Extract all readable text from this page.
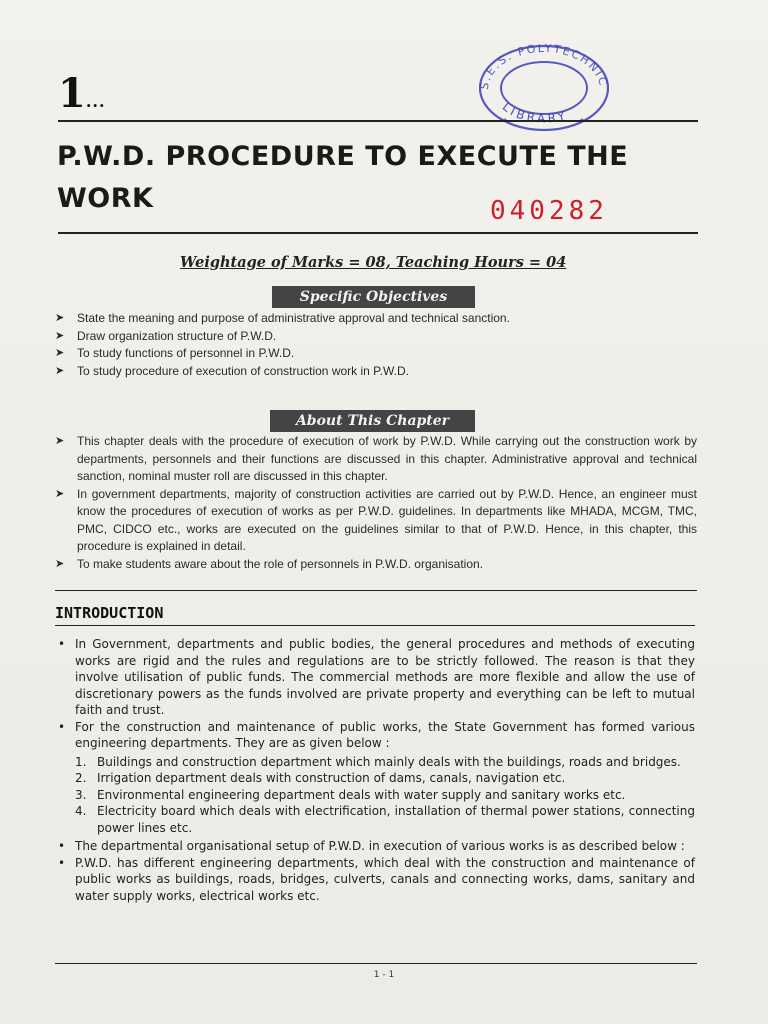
1...
S.E.S. POLYTECHNIC
LIBRARY
*	*
P.W.D. PROCEDURE TO EXECUTE THE
WORK	040282
Weightage of Marks = 08, Teaching Hours = 04
Specific Objectives
➤ State the meaning and purpose of administrative approval and technical sanction.
➤ Draw organization structure of P.W.D.
➤ To study functions of personnel in P.W.D.
➤ To study procedure of execution of construction work in P.W.D.
About This Chapter
➤ This chapter deals with the procedure of execution of work by P.W.D. While carrying out the construction work by departments, personnels and their functions are discussed in this chapter. Administrative approval and technical sanction, nominal muster roll are discussed in this chapter.
➤ In government departments, majority of construction activities are carried out by P.W.D. Hence, an engineer must know the procedures of execution of works as per P.W.D. guidelines. In departments like MHADA, MCGM, TMC, PMC, CIDCO etc., works are executed on the guidelines similar to that of P.W.D. Hence, in this chapter, this procedure is explained in detail.
➤ To make students aware about the role of personnels in P.W.D. organisation.
INTRODUCTION
• In Government, departments and public bodies, the general procedures and methods of executing works are rigid and the rules and regulations are to be strictly followed. The reason is that they involve utilisation of public funds. The commercial methods are more flexible and allow the use of discretionary powers as the funds involved are private property and everything can be left to mutual faith and trust.
• For the construction and maintenance of public works, the State Government has formed various engineering departments. They are as given below :
1. Buildings and construction department which mainly deals with the buildings, roads and bridges.
2. Irrigation department deals with construction of dams, canals, navigation etc.
3. Environmental engineering department deals with water supply and sanitary works etc.
4. Electricity board which deals with electrification, installation of thermal power stations, connecting power lines etc.
• The departmental organisational setup of P.W.D. in execution of various works is as described below :
• P.W.D. has different engineering departments, which deal with the construction and maintenance of public works as buildings, roads, bridges, culverts, canals and connecting works, dams, sanitary and water supply works, electrical works etc.
1 - 1
